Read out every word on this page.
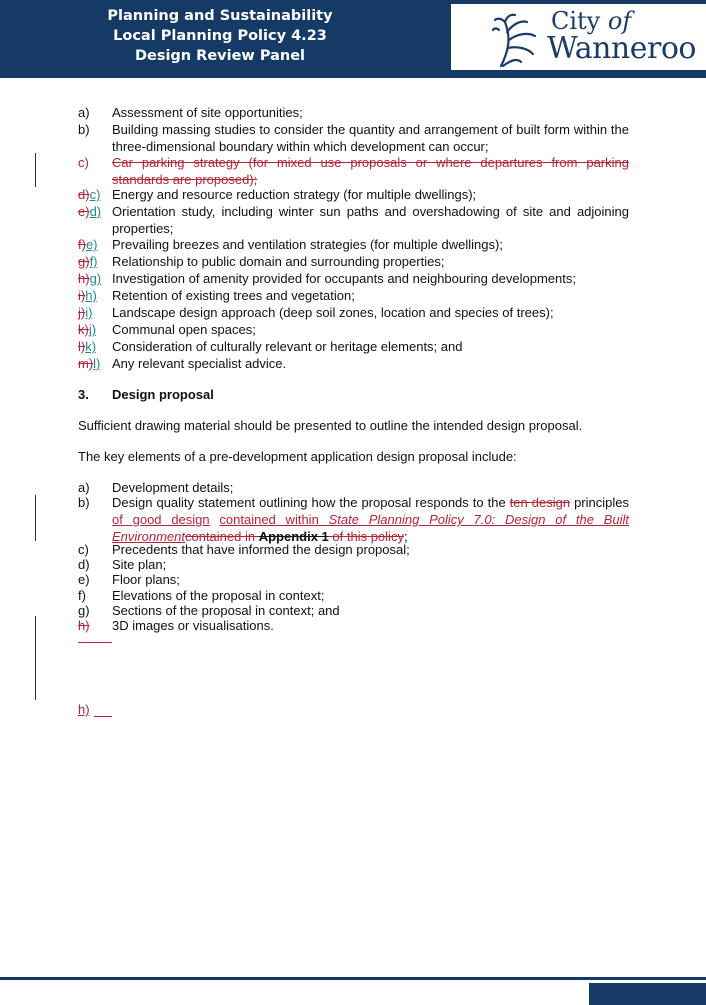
Planning and Sustainability
Local Planning Policy 4.23
Design Review Panel
City of
Wanneroo
a)	Assessment of site opportunities;
b)	Building massing studies to consider the quantity and arrangement of built form within the three-dimensional boundary within which development can occur;
c)	Car parking strategy (for mixed use proposals or where departures from parking standards are proposed);
d)c) Energy and resource reduction strategy (for multiple dwellings);
e)d) Orientation study, including winter sun paths and overshadowing of site and adjoining properties;
f)e)	Prevailing breezes and ventilation strategies (for multiple dwellings);
g)f)	Relationship to public domain and surrounding properties;
h)g) Investigation of amenity provided for occupants and neighbouring developments;
i)h)	Retention of existing trees and vegetation;
j)i)	Landscape design approach (deep soil zones, location and species of trees);
k)j)	Communal open spaces;
l)k)	Consideration of culturally relevant or heritage elements; and
m)l) Any relevant specialist advice.
3.	Design proposal
Sufficient drawing material should be presented to outline the intended design proposal.
The key elements of a pre-development application design proposal include:
a)	Development details;
b)	Design quality statement outlining how the proposal responds to the ten design principles of good design contained within State Planning Policy 7.0: Design of the Built Environmentcontained in Appendix 1 of this policy;
c)	Precedents that have informed the design proposal;
d)	Site plan;
e)	Floor plans;
f)	Elevations of the proposal in context;
g)	Sections of the proposal in context; and
h)	3D images or visualisations.
h)
